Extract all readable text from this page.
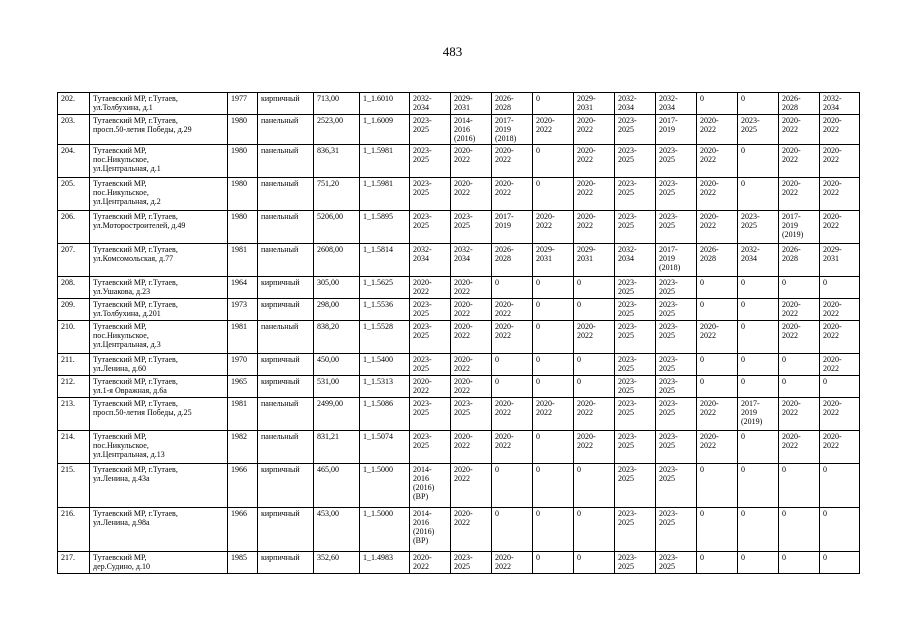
483
202.	Тутаевский МР, г.Тутаев,
ул.Толбухина, д.1	1977	кирпичный	713,00	1_1.6010	2032-
2034	2029-
2031	2026-
2028	0	2029-
2031	2032-
2034	2032-
2034	0	0	2026-
2028	2032-
2034
203.	Тутаевский МР, г.Тутаев,
просп.50-летия Победы, д.29	1980	панельный	2523,00	1_1.6009	2023-
2025	2014-
2016
(2016)	2017-
2019
(2018)	2020-
2022	2020-
2022	2023-
2025	2017-
2019	2020-
2022	2023-
2025	2020-
2022	2020-
2022
204.	Тутаевский МР,
пос.Никульское,
ул.Центральная, д.1	1980	панельный	836,31	1_1.5981	2023-
2025	2020-
2022	2020-
2022	0	2020-
2022	2023-
2025	2023-
2025	2020-
2022	0	2020-
2022	2020-
2022
205.	Тутаевский МР,
пос.Никульское,
ул.Центральная, д.2	1980	панельный	751,20	1_1.5981	2023-
2025	2020-
2022	2020-
2022	0	2020-
2022	2023-
2025	2023-
2025	2020-
2022	0	2020-
2022	2020-
2022
206.	Тутаевский МР, г.Тутаев,
ул.Моторостроителей, д.49	1980	панельный	5206,00	1_1.5895	2023-
2025	2023-
2025	2017-
2019	2020-
2022	2020-
2022	2023-
2025	2023-
2025	2020-
2022	2023-
2025	2017-
2019
(2019)	2020-
2022
207.	Тутаевский МР, г.Тутаев,
ул.Комсомольская, д.77	1981	панельный	2608,00	1_1.5814	2032-
2034	2032-
2034	2026-
2028	2029-
2031	2029-
2031	2032-
2034	2017-
2019
(2018)	2026-
2028	2032-
2034	2026-
2028	2029-
2031
208.	Тутаевский МР, г.Тутаев,
ул.Ушакова, д.23	1964	кирпичный	305,00	1_1.5625	2020-
2022	2020-
2022	0	0	0	2023-
2025	2023-
2025	0	0	0	0
209.	Тутаевский МР, г.Тутаев,
ул.Толбухина, д.201	1973	кирпичный	298,00	1_1.5536	2023-
2025	2020-
2022	2020-
2022	0	0	2023-
2025	2023-
2025	0	0	2020-
2022	2020-
2022
210.	Тутаевский МР,
пос.Никульское,
ул.Центральная, д.3	1981	панельный	838,20	1_1.5528	2023-
2025	2020-
2022	2020-
2022	0	2020-
2022	2023-
2025	2023-
2025	2020-
2022	0	2020-
2022	2020-
2022
211.	Тутаевский МР, г.Тутаев,
ул.Ленина, д.60	1970	кирпичный	450,00	1_1.5400	2023-
2025	2020-
2022	0	0	0	2023-
2025	2023-
2025	0	0	0	2020-
2022
212.	Тутаевский МР, г.Тутаев,
ул.1-я Овражная, д.6а	1965	кирпичный	531,00	1_1.5313	2020-
2022	2020-
2022	0	0	0	2023-
2025	2023-
2025	0	0	0	0
213.	Тутаевский МР, г.Тутаев,
просп.50-летия Победы, д.25	1981	панельный	2499,00	1_1.5086	2023-
2025	2023-
2025	2020-
2022	2020-
2022	2020-
2022	2023-
2025	2023-
2025	2020-
2022	2017-
2019
(2019)	2020-
2022	2020-
2022
214.	Тутаевский МР,
пос.Никульское,
ул.Центральная, д.13	1982	панельный	831,21	1_1.5074	2023-
2025	2020-
2022	2020-
2022	0	2020-
2022	2023-
2025	2023-
2025	2020-
2022	0	2020-
2022	2020-
2022
215.	Тутаевский МР, г.Тутаев,
ул.Ленина, д.43а	1966	кирпичный	465,00	1_1.5000	2014-
2016
(2016)
(ВР)	2020-
2022	0	0	0	2023-
2025	2023-
2025	0	0	0	0
216.	Тутаевский МР, г.Тутаев,
ул.Ленина, д.98а	1966	кирпичный	453,00	1_1.5000	2014-
2016
(2016)
(ВР)	2020-
2022	0	0	0	2023-
2025	2023-
2025	0	0	0	0
217.	Тутаевский МР,
дер.Судино, д.10	1985	кирпичный	352,60	1_1.4983	2020-
2022	2023-
2025	2020-
2022	0	0	2023-
2025	2023-
2025	0	0	0	0
